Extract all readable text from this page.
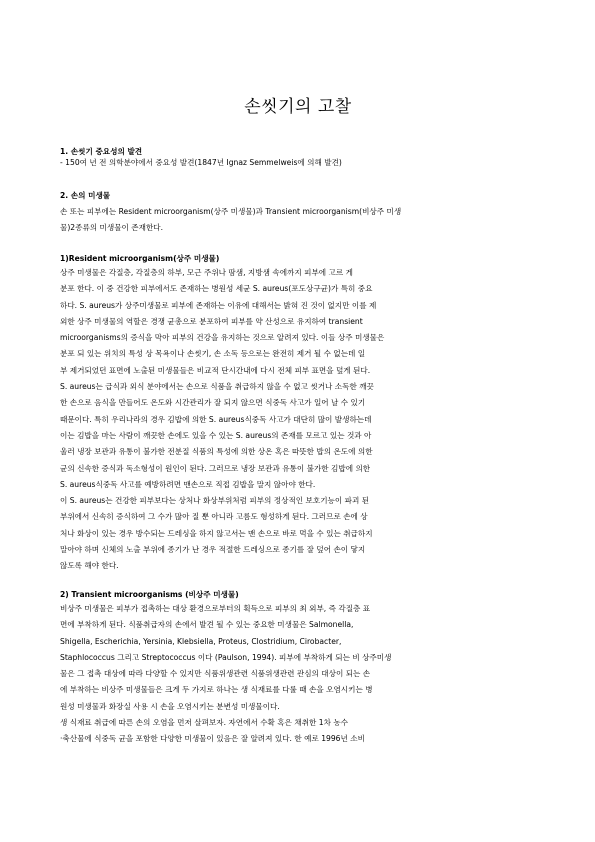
손씻기의 고찰
1. 손씻기 중요성의 발견
- 150여 년 전 의학분야에서 중요성 발견(1847년 Ignaz Semmelweis에 의해 발견)
2. 손의 미생물
손 또는 피부에는 Resident microorganism(상주 미생물)과 Transient microorganism(비상주 미생
물)2종류의 미생물이 존재한다.
1)Resident microorganism(상주 미생물)
상주 미생물은 각질층, 각질층의 하부, 모근 주위나 땀샘, 지방샘 속에까지 피부에 고르 게
분포 한다. 이 중 건강한 피부에서도 존재하는 병원성 세균 S. aureus(포도상구균)가 특히 중요
하다. S. aureus가 상주미생물로 피부에 존재하는 이유에 대해서는 밝혀 진 것이 없지만 이를 제
외한 상주 미생물의 역할은 경쟁 균총으로 분포하여 피부를 약 산성으로 유지하여 transient
microorganisms의 증식을 막아 피부의 건강을 유지하는 것으로 알려져 있다. 이들 상주 미생물은
분포 되 있는 위치의 특성 상 목욕이나 손씻기, 손 소독 등으로는 완전히 제거 될 수 없는데 일
부 제거되었던 표면에 노출된 미생물들은 비교적 단시간내에 다시 전체 피부 표면을 덮게 된다.
S. aureus는 급식과 외식 분야에서는 손으로 식품을 취급하지 않을 수 없고 씻거나 소독한 깨끗
한 손으로 음식을 만들어도 온도와 시간관리가 잘 되지 않으면 식중독 사고가 일어 날 수 있기
때문이다. 특히 우리나라의 경우 김밥에 의한 S. aureus식중독 사고가 대단히 많이 발생하는데
이는 김밥을 마는 사람이 깨끗한 손에도 있을 수 있는 S. aureus의 존재를 모르고 있는 것과 아
울러 냉장 보관과 유통이 불가한 전분질 식품의 특성에 의한 상온 혹은 따뜻한 밥의 온도에 의한
균의 신속한 증식과 독소형성이 원인이 된다. 그러므로 냉장 보관과 유통이 불가한 김밥에 의한
S. aureus식중독 사고를 예방하려면 맨손으로 직접 김밥을 말지 않아야 한다.
이 S. aureus는 건강한 피부보다는 상처나 화상부위처럼 피부의 정상적인 보호기능이 파괴 된
부위에서 신속히 증식하여 그 수가 많아 질 뿐 아니라 고름도 형성하게 된다. 그러므로 손에 상
처나 화상이 있는 경우 방수되는 드레싱을 하지 않고서는 맨 손으로 바로 먹을 수 있는 취급하지
말아야 하며 신체의 노출 부위에 종기가 난 경우 적절한 드레싱으로 종기를 잘 덮어 손이 닿지
않도록 해야 한다.
2) Transient microorganisms (비상주 미생물)
비상주 미생물은 피부가 접촉하는 대상 환경으로부터의 획득으로 피부의 최 외부, 즉 각질층 표
면에 부착하게 된다. 식품취급자의 손에서 발견 될 수 있는 중요한 미생물은 Salmonella,
Shigella, Escherichia, Yersinia, Klebsiella, Proteus, Clostridium, Cirobacter,
Staphlococcus 그리고 Streptococcus 이다 (Paulson, 1994). 피부에 부착하게 되는 비 상주미생
물은 그 접촉 대상에 따라 다양할 수 있지만 식품위생관련 식품위생관련 관심의 대상이 되는 손
에 부착하는 비상주 미생물들은 크게 두 가지로 하나는 생 식재료를 다룰 때 손을 오염시키는 병
원성 미생물과 화장실 사용 시 손을 오염시키는 분변성 미생물이다.
생 식재료 취급에 따른 손의 오염을 먼저 살펴보자. 자연에서 수확 혹은 채취한 1차 농수
·축산물에 식중독 균을 포함한 다양한 미생물이 있음은 잘 알려져 있다. 한 예로 1996년 소비
